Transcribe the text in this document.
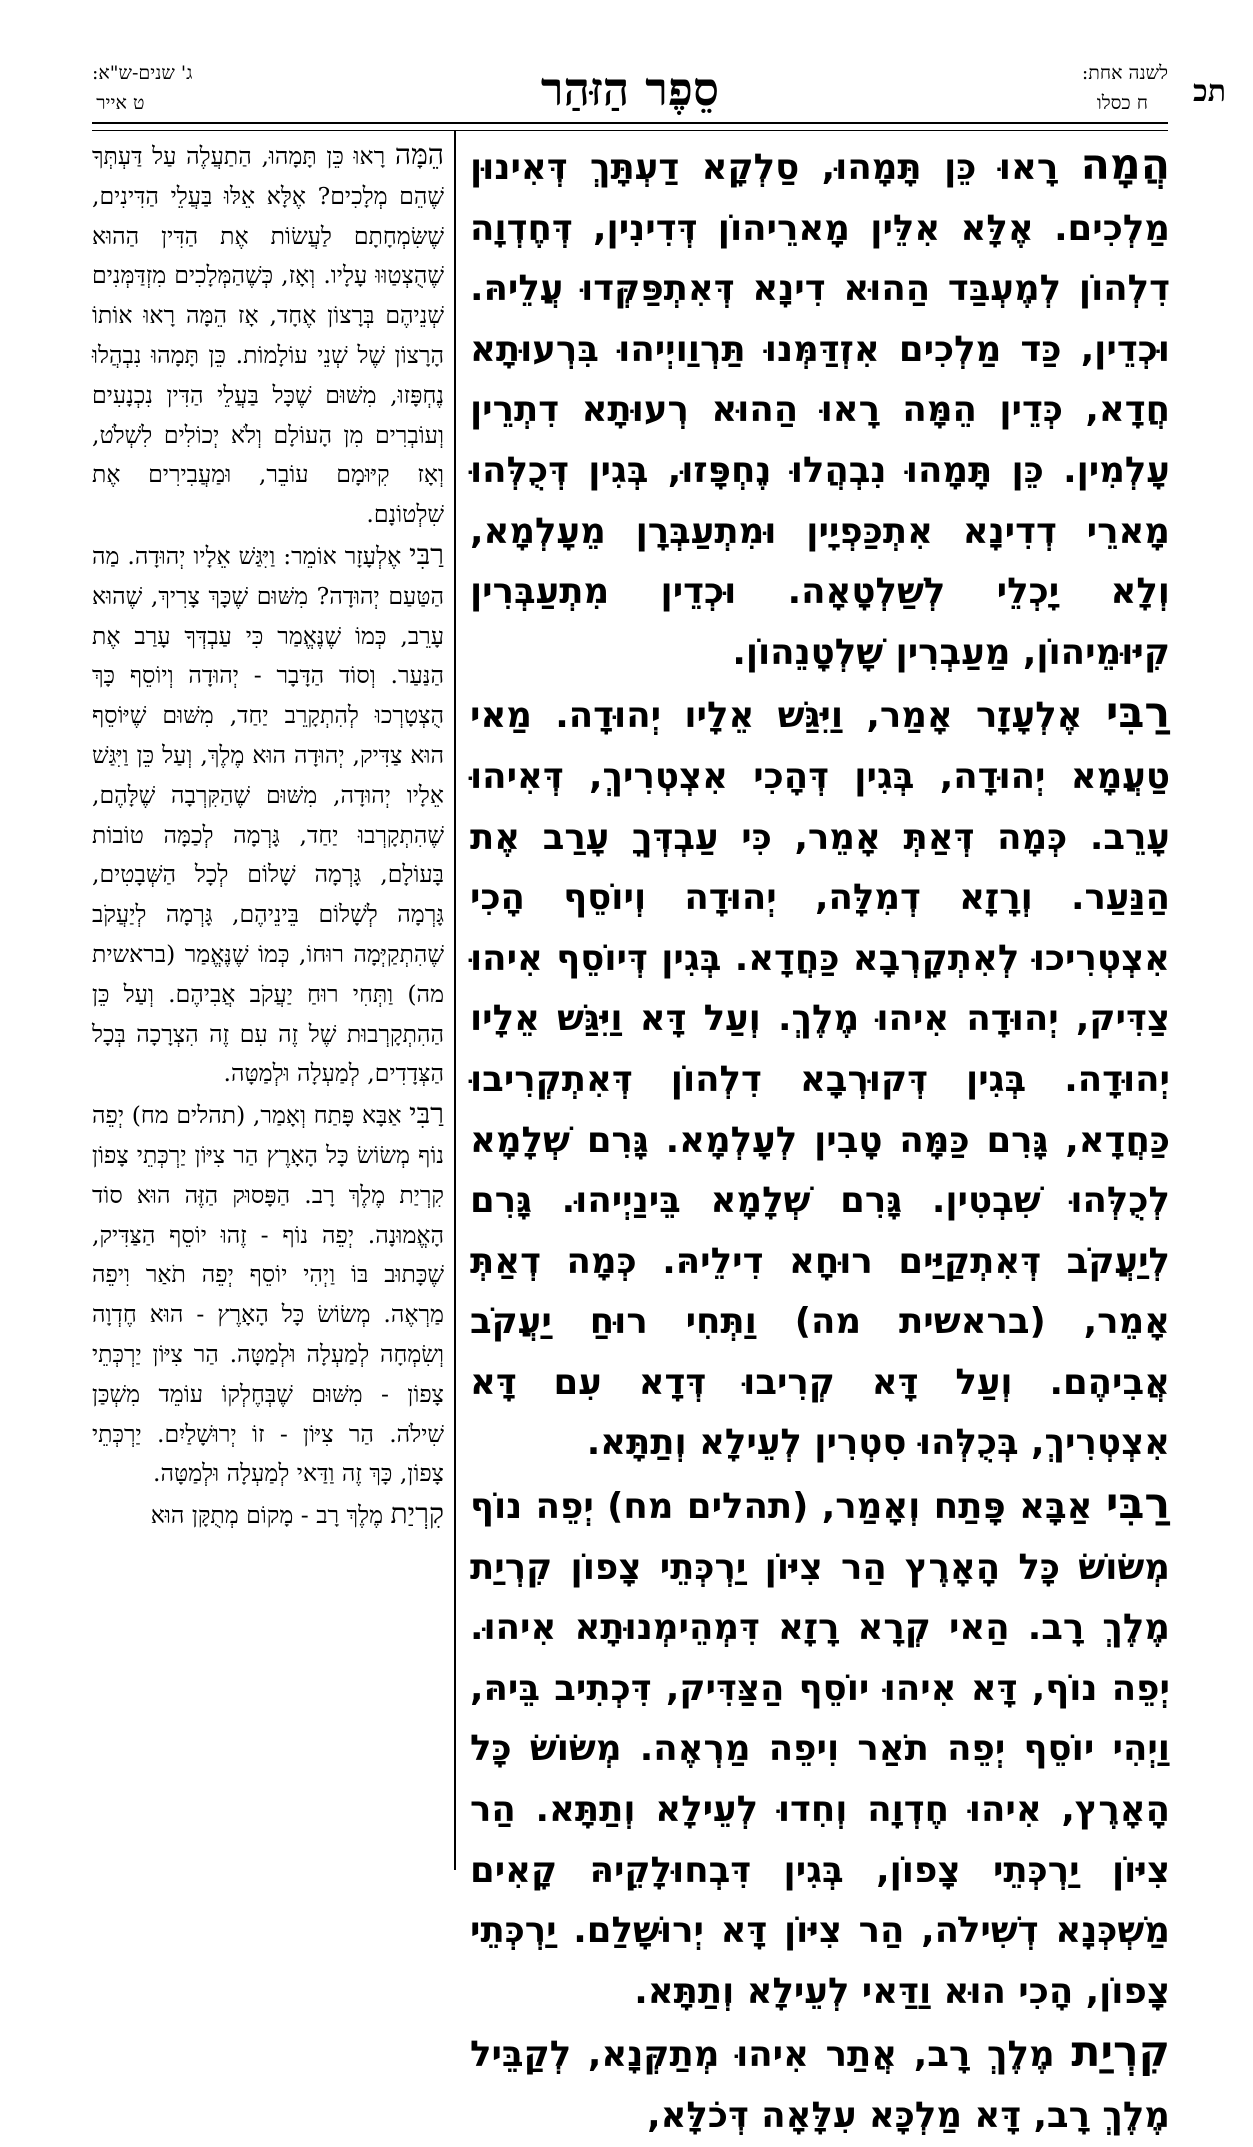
ג' שנים-ש"א:
ט אייר	סֵפֶר הַזּהַר	לשנה אחת:
ח כסלו	תכ

הֲמָה רָאוּ כֵּן תָּמָהוּ, סַלְקָא דַעְתָּךְ דְּאִינוּן מַלְכִים. אֶלָּא אִלֵּין מָארֵיהוֹן דְּדִינִין, דְּחֶדְוָה דִלְהוֹן לְמֶעְבַּד הַהוּא דִינָא דְּאִתְפַּקְּדוּ עֲלֵיהּ. וּכְדֵין, כַּד מַלְכִים אִזְדַּמְּנוּ תַּרְוַויְיהוּ בִּרְעוּתָא חֲדָא, כְּדֵין הֵמָּה רָאוּ הַהוּא רְעוּתָא דִתְרֵין עָלְמִין. כֵּן תָּמָהוּ נִבְהֲלוּ נֶחְפָּזוּ, בְּגִין דְּכֻלְּהוּ מָארֵי דְדִינָא אִתְכַּפְיָין וּמִתְעַבְּרָן מֵעָלְמָא, וְלָא יָכְלֵי לְשַׁלְטָאָה. וּכְדֵין מִתְעַבְּרִין קִיּוּמֵיהוֹן, מַעַבְרִין שָׁלְטָנֵהוֹן.

רַבִּי אֶלְעָזָר אָמַר, וַיִּגַּשׁ אֵלָיו יְהוּדָה. מַאי טַעֲמָא יְהוּדָה, בְּגִין דְּהָכִי אִצְטְרִיךְ, דְּאִיהוּ עָרֵב. כְּמָה דְּאַתְּ אָמֵר, כִּי עַבְדְּךָ עָרַב אֶת הַנַּעַר. וְרָזָא דְמִלָּה, יְהוּדָה וְיוֹסֵף הָכִי אִצְטְרִיכוּ לְאִתְקָרְבָא כַּחֲדָא. בְּגִין דְּיוֹסֵף אִיהוּ צַדִּיק, יְהוּדָה אִיהוּ מֶלֶךְ. וְעַל דָּא וַיִּגַּשׁ אֵלָיו יְהוּדָה. בְּגִין דְּקוּרְבָא דִלְהוֹן דְּאִתְקְרִיבוּ כַּחֲדָא, גָּרִם כַּמָּה טָבִין לְעָלְמָא. גָּרִם שְׁלָמָא לְכֻלְּהוּ שִׁבְטִין. גָּרִם שְׁלָמָא בֵּינַיְיהוּ. גָּרִם לְיַעֲקֹב דְּאִתְקַיַּים רוּחָא דִילֵיהּ. כְּמָה דְאַתְּ אָמֵר, (בראשית מה) וַתְּחִי רוּחַ יַעֲקֹב אֲבִיהֶם. וְעַל דָּא קְרִיבוּ דְּדָא עִם דָּא אִצְטְרִיךְ, בְּכֻלְּהוּ סִטְרִין לְעֵילָא וְתַתָּא.

רַבִּי אַבָּא פָּתַח וְאָמַר, (תהלים מח) יְפֵה נוֹף מְשׂוֹשׂ כָּל הָאָרֶץ הַר צִיּוֹן יַרְכְּתֵי צָפוֹן קִרְיַת מֶלֶךְ רָב. הַאי קְרָא רָזָא דִּמְהֵימְנוּתָא אִיהוּ. יְפֵה נוֹף, דָּא אִיהוּ יוֹסֵף הַצַּדִּיק, דִּכְתִיב בֵּיהּ, וַיְהִי יוֹסֵף יְפֵה תֹאַר וִיפֵה מַרְאֶה. מְשׂוֹשׂ כָּל הָאָרֶץ, אִיהוּ חֶדְוָה וְחִדוּ לְעֵילָא וְתַתָּא. הַר צִיּוֹן יַרְכְּתֵי צָפוֹן, בְּגִין דִּבְחוּלָקֵיהּ קָאִים מַשְׁכְּנָא דְשִׁילֹה, הַר צִיּוֹן דָּא יְרוּשָׁלַם. יַרְכְּתֵי צָפוֹן, הָכִי הוּא וַדַּאי לְעֵילָא וְתַתָּא.

קִרְיַת מֶלֶךְ רָב, אֲתַר אִיהוּ מְתַקְּנָא, לְקַבֵּיל מֶלֶךְ רָב, דָּא מַלְכָּא עִלָּאָה דְּכֹלָּא,

הֵמָּה רָאוּ כֵּן תָּמָהוּ, הַתַעֲלֶה עַל דַּעְתְּךָ שֶׁהֵם מְלָכִים? אֶלָּא אֵלּוּ בַּעֲלֵי הַדִּינִים, שֶׁשִּׂמְחָתָם לַעֲשׂוֹת אֶת הַדִּין הַהוּא שֶׁהֻצְטַוּוּ עָלָיו. וְאָז, כְּשֶׁהַמְּלָכִים מִזְדַּמְּנִים שְׁנֵיהֶם בְּרָצוֹן אֶחָד, אָז הֵמָּה רָאוּ אוֹתוֹ הָרָצוֹן שֶׁל שְׁנֵי עוֹלָמוֹת. כֵּן תָּמָהוּ נִבְהֲלוּ נֶחְפָּזוּ, מִשּׁוּם שֶׁכָּל בַּעֲלֵי הַדִּין נִכְנָעִים וְעוֹבְרִים מִן הָעוֹלָם וְלֹא יְכוֹלִים לִשְׁלֹט, וְאָז קִיּוּמָם עוֹבֵר, וּמַעֲבִירִים אֶת שִׁלְטוֹנָם.

רַבִּי אֶלְעָזָר אוֹמֵר: וַיִּגַּשׁ אֵלָיו יְהוּדָה. מַה הַטַּעַם יְהוּדָה? מִשּׁוּם שֶׁכָּךְ צָרִיךְ, שֶׁהוּא עָרֵב, כְּמוֹ שֶׁנֶּאֱמַר כִּי עַבְדְּךָ עָרַב אֶת הַנַּעַר. וְסוֹד הַדָּבָר - יְהוּדָה וְיוֹסֵף כָּךְ הֻצְטָרְכוּ לְהִתְקָרֵב יַחַד, מִשּׁוּם שֶׁיּוֹסֵף הוּא צַדִּיק, יְהוּדָה הוּא מֶלֶךְ, וְעַל כֵּן וַיִּגַּשׁ אֵלָיו יְהוּדָה, מִשּׁוּם שֶׁהַקִּרְבָה שֶׁלָּהֶם, שֶׁהִתְקָרְבוּ יַחַד, גָּרְמָה לְכַמָּה טוֹבוֹת בָּעוֹלָם, גָּרְמָה שָׁלוֹם לְכָל הַשְּׁבָטִים, גָּרְמָה לְשָׁלוֹם בֵּינֵיהֶם, גָּרְמָה לְיַעֲקֹב שֶׁהִתְקַיְּמָה רוּחוֹ, כְּמוֹ שֶׁנֶּאֱמַר (בראשית מה) וַתְּחִי רוּחַ יַעֲקֹב אֲבִיהֶם. וְעַל כֵּן הַהִתְקָרְבוּת שֶׁל זֶה עִם זֶה הִצְרָכָה בְּכָל הַצְּדָדִים, לְמַעְלָה וּלְמַטָּה.

רַבִּי אַבָּא פָּתַח וְאָמַר, (תהלים מח) יְפֵה נוֹף מְשׂוֹשׂ כָּל הָאָרֶץ הַר צִיּוֹן יַרְכְּתֵי צָפוֹן קִרְיַת מֶלֶךְ רָב. הַפָּסוּק הַזֶּה הוּא סוֹד הָאֱמוּנָה. יְפֵה נוֹף - זֶהוּ יוֹסֵף הַצַּדִּיק, שֶׁכָּתוּב בּוֹ וַיְהִי יוֹסֵף יְפֵה תֹאַר וִיפֵה מַרְאֶה. מְשׂוֹשׂ כָּל הָאָרֶץ - הוּא חֶדְוָה וְשִׂמְחָה לְמַעְלָה וּלְמַטָּה. הַר צִיּוֹן יַרְכְּתֵי צָפוֹן - מִשּׁוּם שֶׁבְּחֶלְקוֹ עוֹמֵד מִשְׁכַּן שִׁילֹה. הַר צִיּוֹן - זוֹ יְרוּשָׁלַיִם. יַרְכְּתֵי צָפוֹן, כָּךְ זֶה וַדַּאי לְמַעְלָה וּלְמַטָּה.

קִרְיַת מֶלֶךְ רָב - מָקוֹם מְתֻקָּן הוּא
